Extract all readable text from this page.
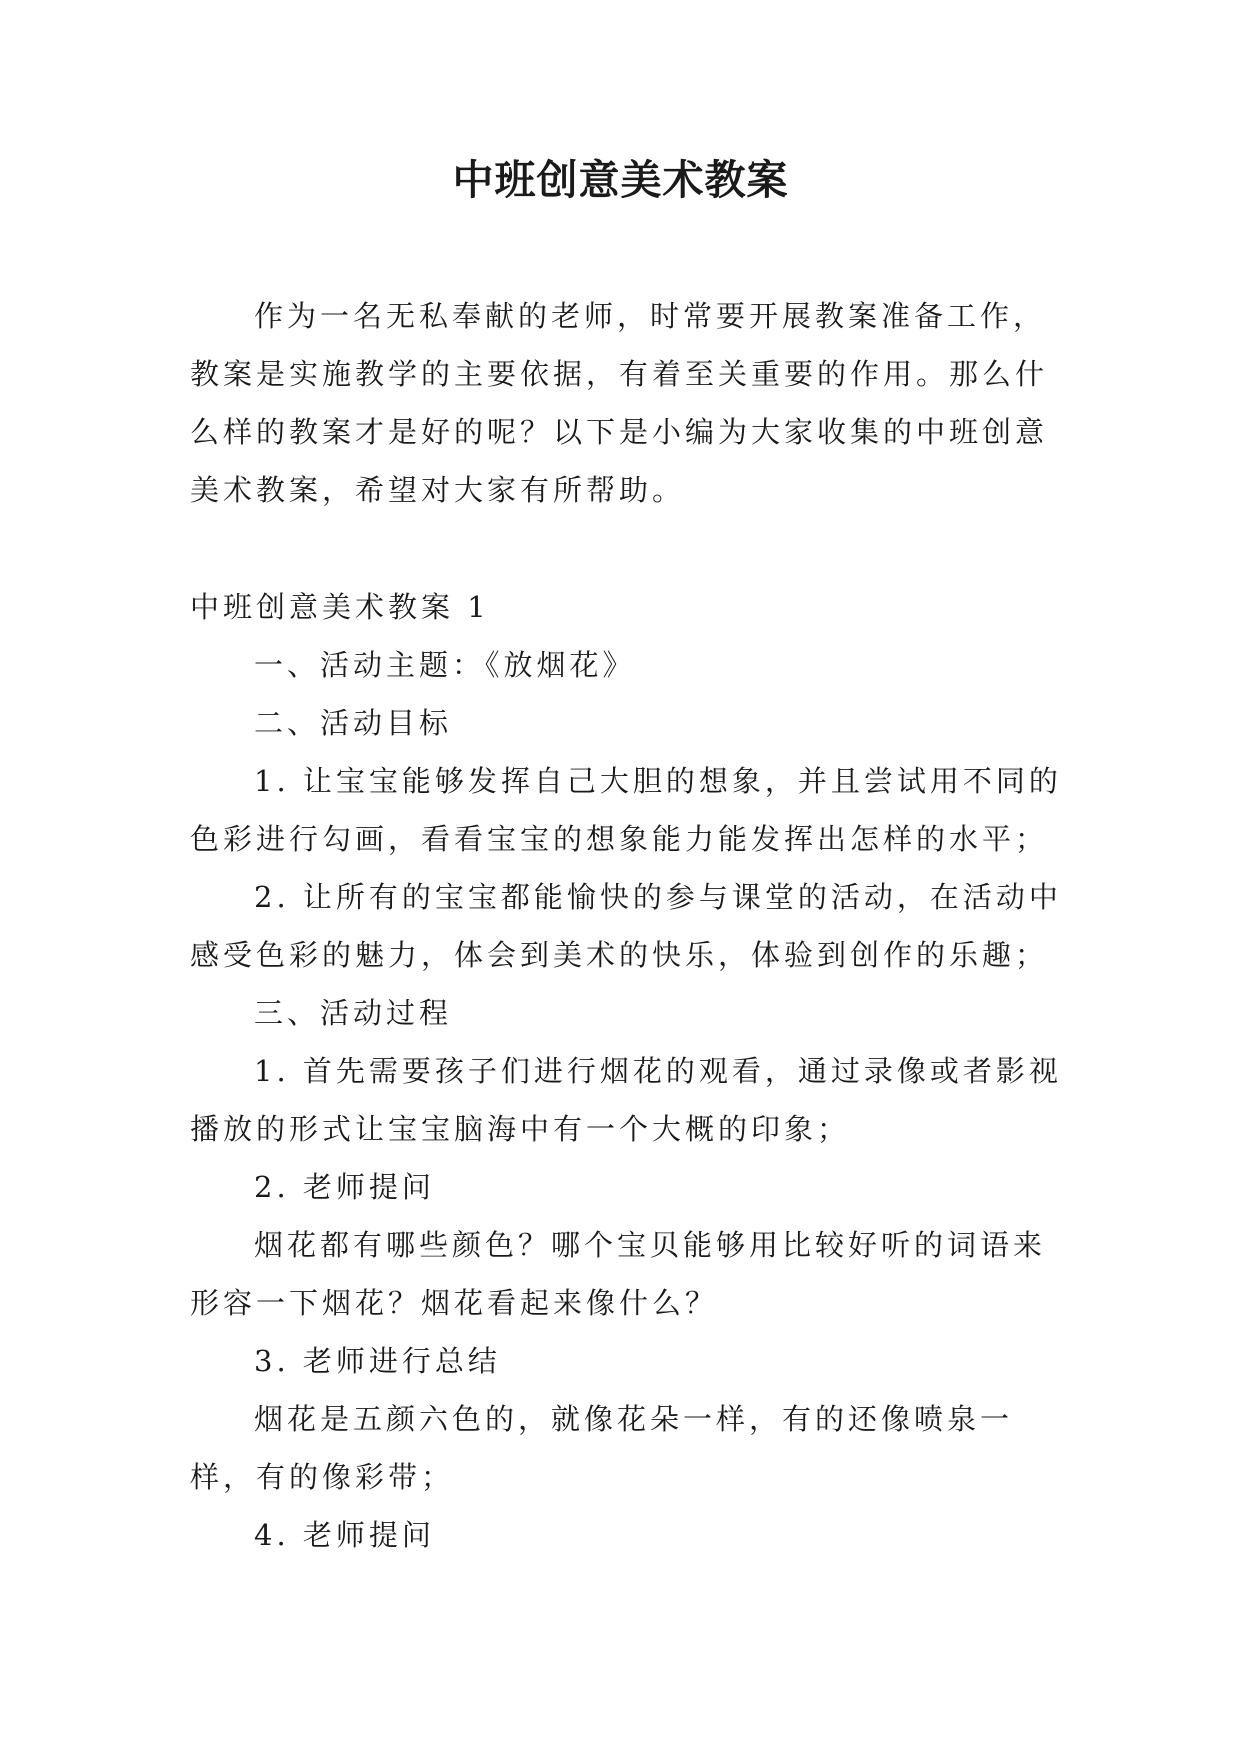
中班创意美术教案

作为一名无私奉献的老师，时常要开展教案准备工作，教案是实施教学的主要依据，有着至关重要的作用。那么什么样的教案才是好的呢？以下是小编为大家收集的中班创意美术教案，希望对大家有所帮助。

中班创意美术教案 1

一、活动主题：《放烟花》

二、活动目标

1. 让宝宝能够发挥自己大胆的想象，并且尝试用不同的色彩进行勾画，看看宝宝的想象能力能发挥出怎样的水平；

2. 让所有的宝宝都能愉快的参与课堂的活动，在活动中感受色彩的魅力，体会到美术的快乐，体验到创作的乐趣；

三、活动过程

1. 首先需要孩子们进行烟花的观看，通过录像或者影视播放的形式让宝宝脑海中有一个大概的印象；

2. 老师提问

烟花都有哪些颜色？哪个宝贝能够用比较好听的词语来形容一下烟花？烟花看起来像什么？

3. 老师进行总结

烟花是五颜六色的，就像花朵一样，有的还像喷泉一样，有的像彩带；

4. 老师提问
